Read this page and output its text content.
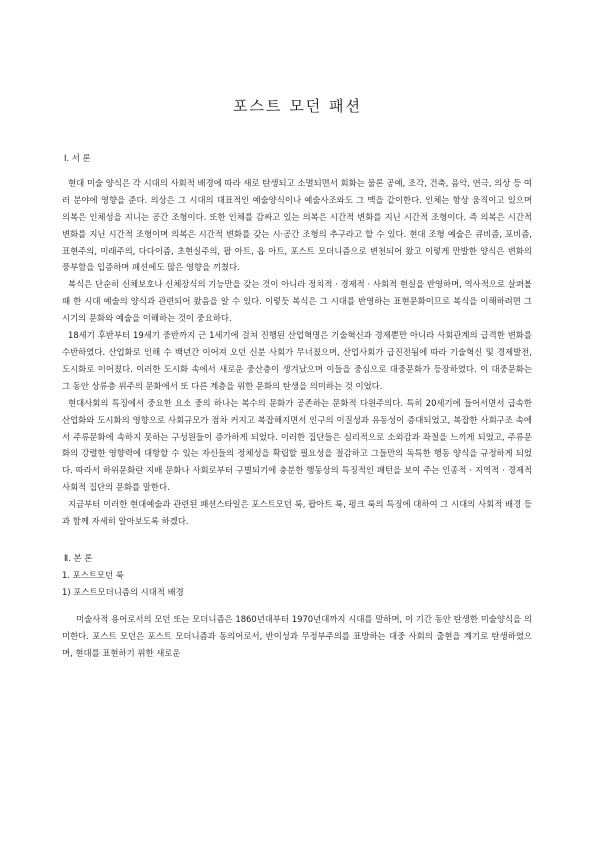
포스트 모던 패션

Ⅰ. 서 론

현대 미술 양식은 각 시대의 사회적 배경에 따라 새로 탄생되고 소멸되면서 회화는 물론 공예, 조각, 건축, 음악, 연극, 의상 등 여러 분야에 영향을 준다. 의상은 그 시대의 대표적인 예술양식이나 예술사조와도 그 맥을 같이한다. 인체는 항상 움직이고 있으며 의복은 인체성을 지니는 공간 조형이다. 또한 인체를 감싸고 있는 의복은 시간적 변화를 지닌 시간적 조형이다. 즉 의복은 시간적 변화를 지닌 시간적 조형이며 의복은 시간적 변화를 갖는 시·공간 조형의 추구라고 할 수 있다. 현대 조형 예술은 큐비즘, 포비즘, 표현주의, 미래주의, 다다이즘, 초현실주의, 팝 아트, 옵 아트, 포스트 모더니즘으로 변천되어 왔고 이렇게 만발한 양식은 변화의 풍부함을 입증하며 패션에도 많은 영향을 끼쳤다.

복식은 단순히 신체보호나 신체장식의 기능만을 갖는 것이 아니라 정치적 · 경제적 · 사회적 현실을 반영하며, 역사적으로 살펴볼 때 한 시대 예술의 양식과 관련되어 왔음을 알 수 있다. 이렇듯 복식은 그 시대를 반영하는 표현문화이므로 복식을 이해하려면 그 시기의 문화와 예술을 이해하는 것이 중요하다.

18세기 후반부터 19세기 중반까지 근 1세기에 걸쳐 진행된 산업혁명은 기술혁신과 경제뿐만 아니라 사회관계의 급격한 변화를 수반하였다. 산업화로 인해 수 백년간 이어져 오던 신분 사회가 무너졌으며, 산업사회가 급진전됨에 따라 기술혁신 및 경제발전, 도시화로 이어졌다. 이러한 도시화 속에서 새로운 중산층이 생겨났으며 이들을 중심으로 대중문화가 등장하였다. 이 대중문화는 그 동안 상류층 위주의 문화에서 또 다른 계층을 위한 문화의 탄생을 의미하는 것 이었다.

현대사회의 특징에서 중요한 요소 중의 하나는 복수의 문화가 공존하는 문화적 다원주의다. 특히 20세기에 들어서면서 급속한 산업화와 도시화의 영향으로 사회규모가 점차 커지고 복잡해지면서 인구의 이질성과 유동성이 증대되었고, 복잡한 사회구조 속에서 주류문화에 속하지 못하는 구성원들이 증가하게 되었다. 이러한 집단들은 심리적으로 소외감과 좌절을 느끼게 되었고, 주류문화의 강렬한 영향력에 대항할 수 있는 자신들의 정체성을 확립할 필요성을 절감하고 그들만의 독특한 행동 양식을 규정하게 되었다. 따라서 하위문화란 지배 문화나 사회로부터 구별되기에 충분한 행동상의 특징적인 패턴을 보여 주는 인종적 · 지역적 · 경제적 사회적 집단의 문화를 말한다.

지금부터 이러한 현대예술과 관련된 패션스타일은 포스트모던 룩, 팝아트 룩, 펑크 룩의 특징에 대하여 그 시대의 사회적 배경 등과 함께 자세히 알아보도록 하겠다.

Ⅱ. 본 론

1. 포스트모던 룩

1) 포스트모더니즘의 시대적 배경

미술사적 용어로서의 모던 또는 모더니즘은 1860년대부터 1970년대까지 시대를 말하며, 이 기간 동안 탄생한 미술양식을 의미한다. 포스트 모던은 포스트 모더니즘과 동의어로서, 반이성과 무정부주의를 표방하는 대중 사회의 출현을 계기로 탄생하였으며, 현대를 표현하기 위한 새로운
